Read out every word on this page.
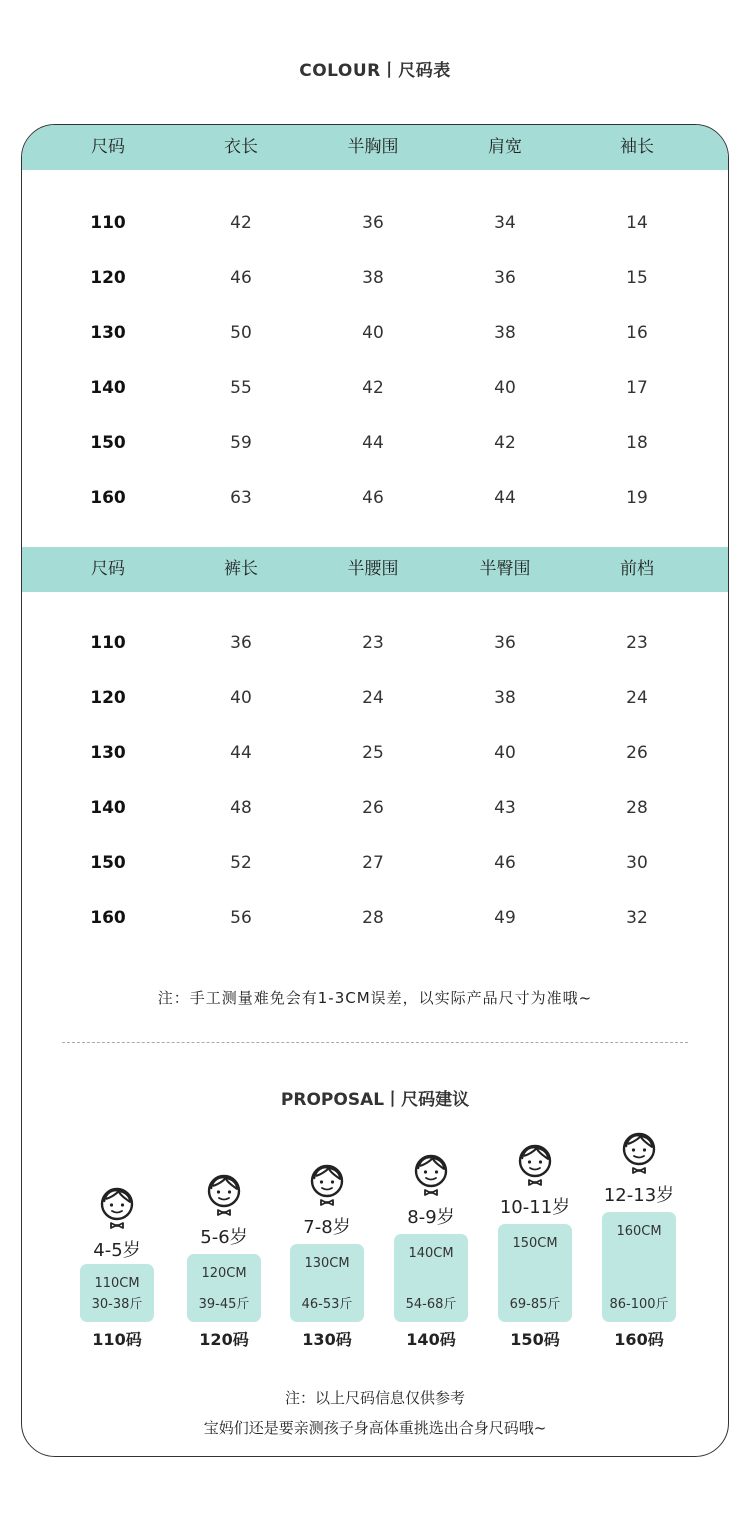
COLOUR丨尺码表
尺码	衣长	半胸围	肩宽	袖长
110	42	36	34	14
120	46	38	36	15
130	50	40	38	16
140	55	42	40	17
150	59	44	42	18
160	63	46	44	19
尺码	裤长	半腰围	半臀围	前档
110	36	23	36	23
120	40	24	38	24
130	44	25	40	26
140	48	26	43	28
150	52	27	46	30
160	56	28	49	32
注：手工测量难免会有1-3CM误差，以实际产品尺寸为准哦~
PROPOSAL丨尺码建议
4-5岁
110CM
30-38斤
110码
5-6岁
120CM
39-45斤
120码
7-8岁
130CM
46-53斤
130码
8-9岁
140CM
54-68斤
140码
10-11岁
150CM
69-85斤
150码
12-13岁
160CM
86-100斤
160码
注：以上尺码信息仅供参考
宝妈们还是要亲测孩子身高体重挑选出合身尺码哦~
